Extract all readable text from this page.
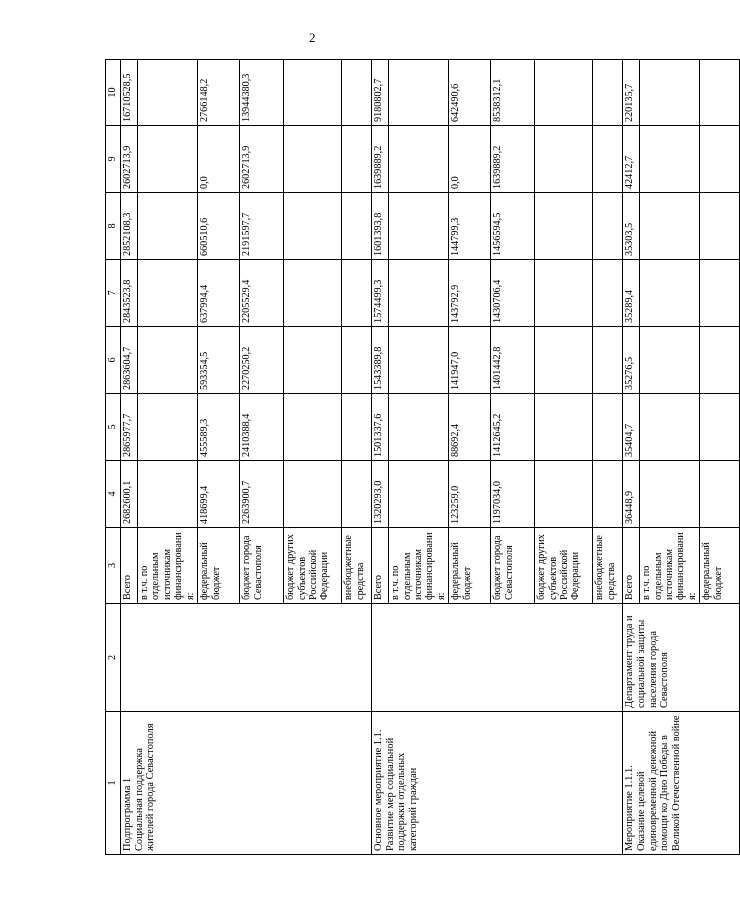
2
1	2	3	4	5	6	7	8	9	10
Подпрограмма 1
Социальная поддержка жителей города Севастополя		Всего	2682600,1	2865977,7	2863604,7	2843523,8	2852108,3	2602713,9	16710528,5
		в т.ч. по отдельным источникам финансирования:							
		федеральный бюджет	418699,4	455589,3	593354,5	637994,4	660510,6	0,0	2766148,2
		бюджет города Севастополя	2263900,7	2410388,4	2270250,2	2205529,4	2191597,7	2602713,9	13944380,3
		бюджет других субъектов Российской Федерации							
		внебюджетные средства							
Основное мероприятие 1.1.
Развитие мер социальной поддержки отдельных категорий граждан		Всего	1320293,0	1501337,6	1543389,8	1574499,3	1601393,8	1639889,2	9180802,7
		в т.ч. по отдельным источникам финансирования:							
		федеральный бюджет	123259,0	88692,4	141947,0	143792,9	144799,3	0,0	642490,6
		бюджет города Севастополя	1197034,0	1412645,2	1401442,8	1430706,4	1456594,5	1639889,2	8538312,1
		бюджет других субъектов Российской Федерации							
		внебюджетные средства							
Мероприятие 1.1.1.
Оказание целевой единовременной денежной помощи ко Дню Победы в Великой Отечественной войне	Департамент труда и социальной защиты населения города Севастополя	Всего	36448,9	35404,7	35276,5	35289,4	35303,5	42412,7	220135,7
		в т.ч. по отдельным источникам финансирования:							
		федеральный бюджет							
